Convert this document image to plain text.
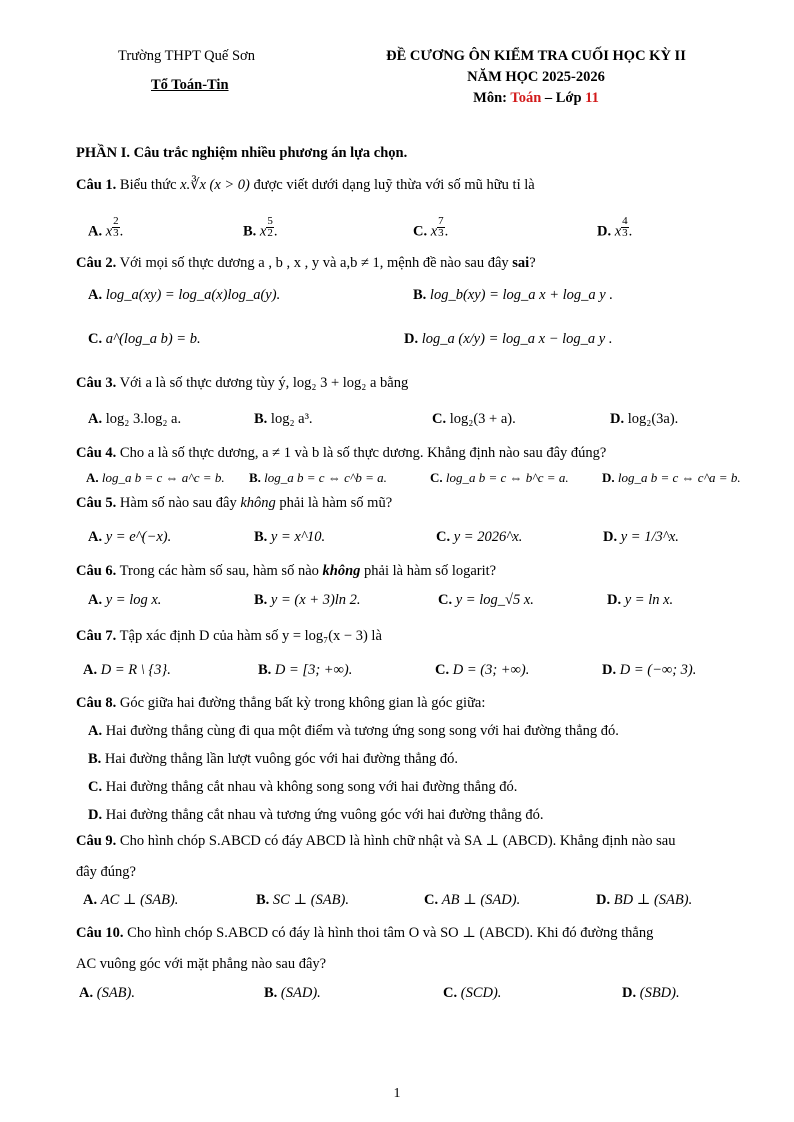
Trường THPT Quế Sơn
Tổ Toán-Tin
ĐỀ CƯƠNG ÔN KIỂM TRA CUỐI HỌC KỲ II
NĂM HỌC 2025-2026
Môn: Toán – Lớp 11
PHẦN I. Câu trắc nghiệm nhiều phương án lựa chọn.
Câu 1. Biểu thức x.∛x (x > 0) được viết dưới dạng luỹ thừa với số mũ hữu tỉ là
A. x $^{\frac{2}{3}}$ .	B. x $^{\frac{5}{2}}$ .	C. x $^{\frac{7}{3}}$ .	D. x $^{\frac{4}{3}}$ .
Câu 2. Với mọi số thực dương a , b , x , y và a,b ≠ 1, mệnh đề nào sau đây sai?
A. log_a(xy) = log_a(x)log_a(y).	B. log_b(xy) = log_a x + log_a y .
C. a^(log_a b) = b.	D. log_a (x/y) = log_a x − log_a y .
Câu 3. Với a là số thực dương tùy ý, log₂ 3 + log₂ a bằng
A. log₂ 3.log₂ a.	B. log₂ a³.	C. log₂(3 + a).	D. log₂(3a).
Câu 4. Cho a là số thực dương, a ≠ 1 và b là số thực dương. Khẳng định nào sau đây đúng?
A. log_a b = c ⇔ a^c = b. B. log_a b = c ⇔ c^b = a.	C. log_a b = c ⇔ b^c = a.	D. log_a b = c ⇔ c^a = b.
Câu 5. Hàm số nào sau đây không phải là hàm số mũ?
A. y = e^(−x).	B. y = x^10.	C. y = 2026^x.	D. y = 1/3^x.
Câu 6. Trong các hàm số sau, hàm số nào không phải là hàm số logarit?
A. y = log x.	B. y = (x + 3)ln 2.	C. y = log_√5 x.	D. y = ln x.
Câu 7. Tập xác định D của hàm số y = log₇(x − 3) là
A. D = R \ {3}.	B. D = [3; +∞).	C. D = (3; +∞).	D. D = (−∞; 3).
Câu 8. Góc giữa hai đường thẳng bất kỳ trong không gian là góc giữa:
A. Hai đường thẳng cùng đi qua một điểm và tương ứng song song với hai đường thẳng đó.
B. Hai đường thẳng lần lượt vuông góc với hai đường thẳng đó.
C. Hai đường thẳng cắt nhau và không song song với hai đường thẳng đó.
D. Hai đường thẳng cắt nhau và tương ứng vuông góc với hai đường thẳng đó.
Câu 9. Cho hình chóp S.ABCD có đáy ABCD là hình chữ nhật và SA ⊥ (ABCD). Khẳng định nào sau
đây đúng?
A. AC ⊥ (SAB).	B. SC ⊥ (SAB).	C. AB ⊥ (SAD).	D. BD ⊥ (SAB).
Câu 10. Cho hình chóp S.ABCD có đáy là hình thoi tâm O và SO ⊥ (ABCD). Khi đó đường thẳng
AC vuông góc với mặt phẳng nào sau đây?
A. (SAB).	B. (SAD).	C. (SCD).	D. (SBD).
1
